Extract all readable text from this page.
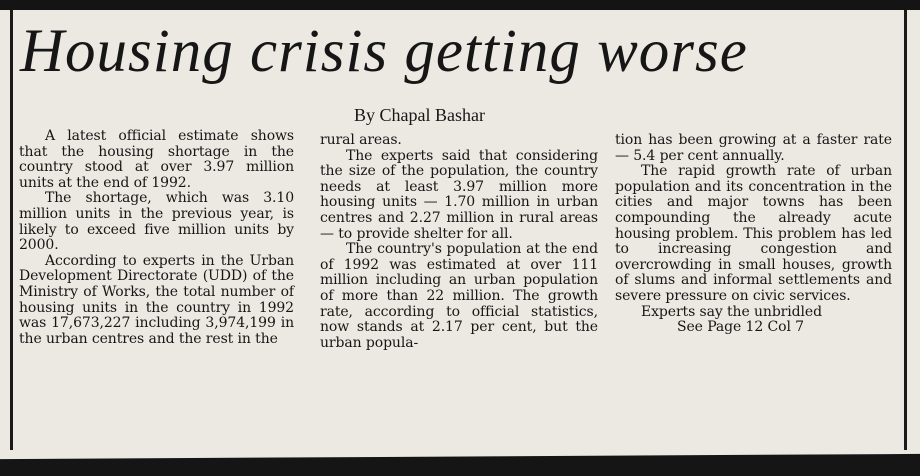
Housing crisis getting worse
By Chapal Bashar

A latest official estimate shows that the housing shortage in the country stood at over 3.97 million units at the end of 1992.

The shortage, which was 3.10 million units in the previous year, is likely to exceed five million units by 2000.

According to experts in the Urban Development Directorate (UDD) of the Ministry of Works, the total number of housing units in the country in 1992 was 17,673,227 including 3,974,199 in the urban centres and the rest in the

rural areas.

The experts said that considering the size of the population, the country needs at least 3.97 million more housing units — 1.70 million in urban centres and 2.27 million in rural areas — to provide shelter for all.

The country's population at the end of 1992 was estimated at over 111 million including an urban population of more than 22 million. The growth rate, according to official statistics, now stands at 2.17 per cent, but the urban popula-

tion has been growing at a faster rate — 5.4 per cent annually.

The rapid growth rate of urban population and its concentration in the cities and major towns has been compounding the already acute housing problem. This problem has led to increasing congestion and overcrowding in small houses, growth of slums and informal settlements and severe pressure on civic services.

Experts say the unbridled

See Page 12 Col 7
